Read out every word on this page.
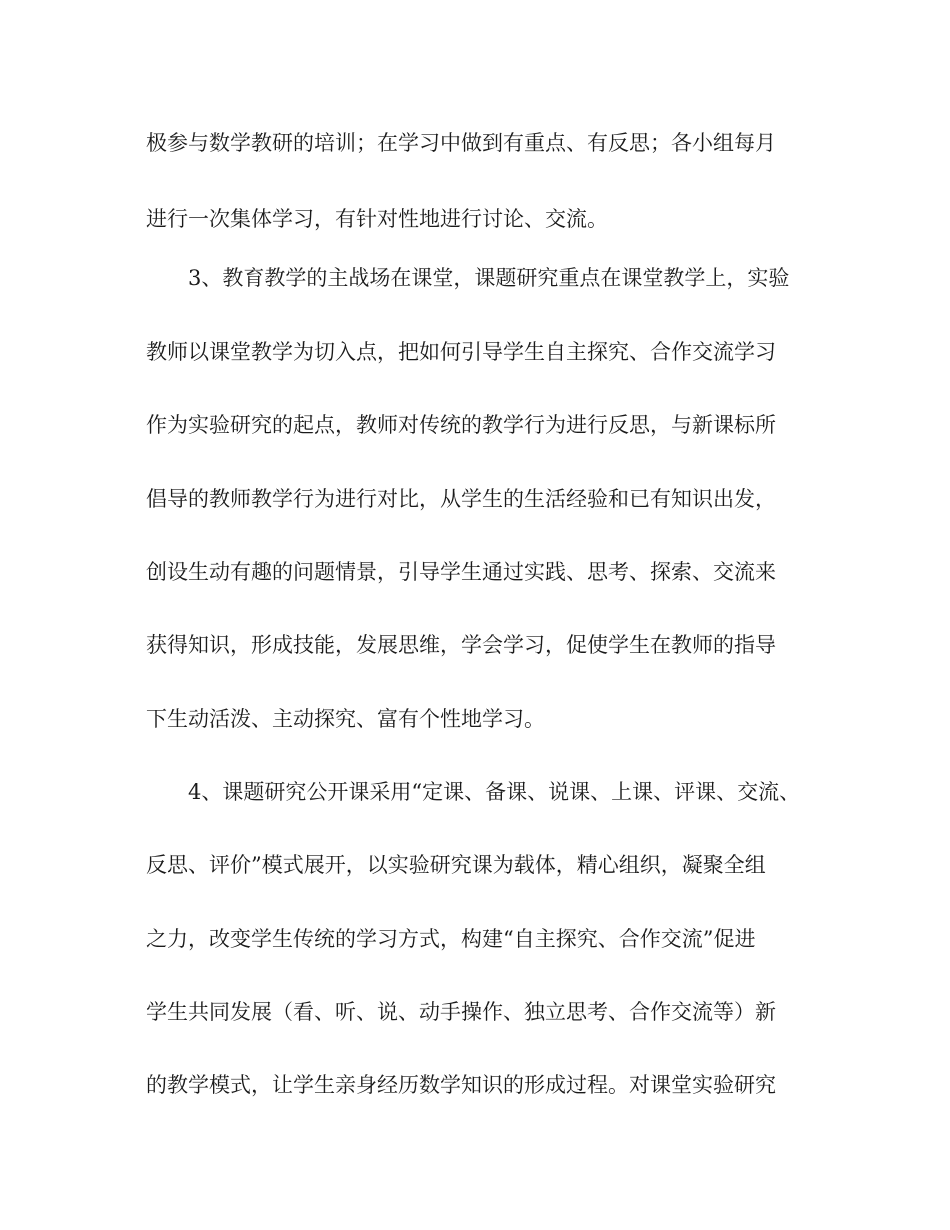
极参与数学教研的培训；在学习中做到有重点、有反思；各小组每月

进行一次集体学习，有针对性地进行讨论、交流。

3、教育教学的主战场在课堂，课题研究重点在课堂教学上，实验

教师以课堂教学为切入点，把如何引导学生自主探究、合作交流学习

作为实验研究的起点，教师对传统的教学行为进行反思，与新课标所

倡导的教师教学行为进行对比，从学生的生活经验和已有知识出发，

创设生动有趣的问题情景，引导学生通过实践、思考、探索、交流来

获得知识，形成技能，发展思维，学会学习，促使学生在教师的指导

下生动活泼、主动探究、富有个性地学习。

4、课题研究公开课采用“定课、备课、说课、上课、评课、交流、

反思、评价”模式展开，以实验研究课为载体，精心组织，凝聚全组

之力，改变学生传统的学习方式，构建“自主探究、合作交流”促进

学生共同发展（看、听、说、动手操作、独立思考、合作交流等）新

的教学模式，让学生亲身经历数学知识的形成过程。对课堂实验研究
